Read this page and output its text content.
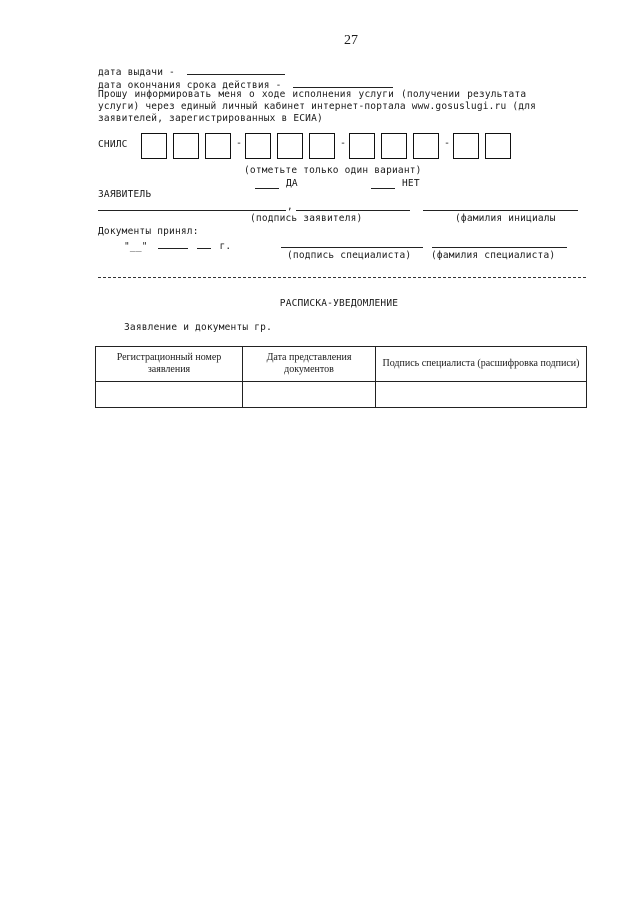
27
дата выдачи -
дата окончания срока действия -
Прошу информировать меня о ходе исполнения услуги (получении результата
услуги) через единый личный кабинет интернет-портала www.gosuslugi.ru (для
заявителей, зарегистрированных в ЕСИА)
СНИЛС	-	-	-
(отметьте только один вариант)
ДА	НЕТ
ЗАЯВИТЕЛЬ
,
(подпись заявителя)	(фамилия инициалы
Документы принял:
"__"	г.
(подпись специалиста) (фамилия специалиста)
РАСПИСКА-УВЕДОМЛЕНИЕ
Заявление и документы гр.
Регистрационный номер заявления	Дата представления документов	Подпись специалиста (расшифровка подписи)
